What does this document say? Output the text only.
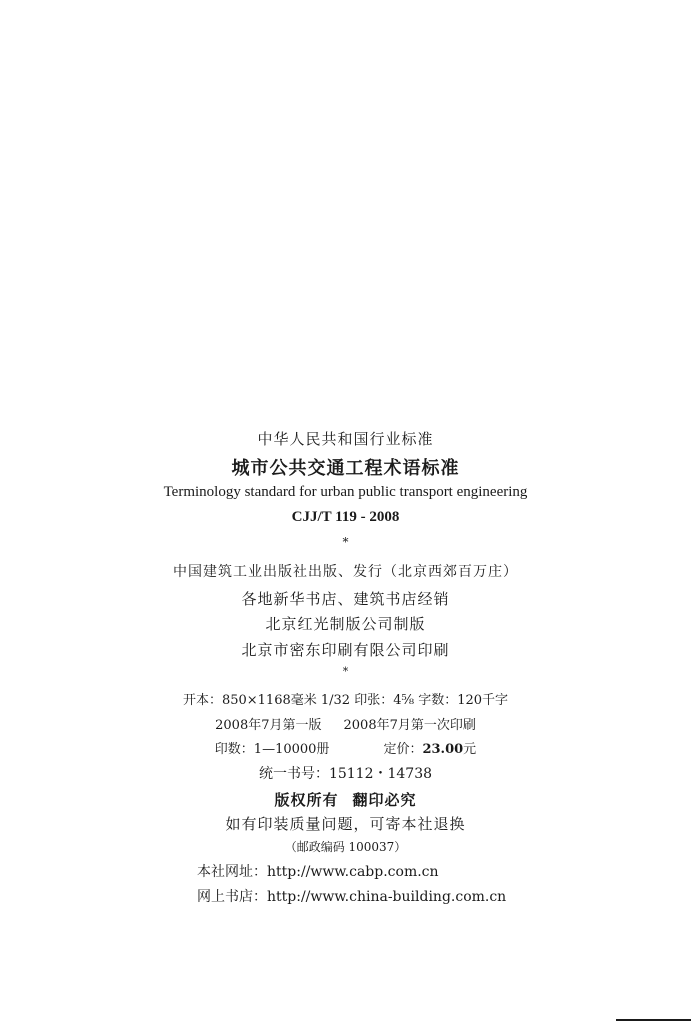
中华人民共和国行业标准
城市公共交通工程术语标准
Terminology standard for urban public transport engineering
CJJ/T 119 - 2008
*
中国建筑工业出版社出版、发行（北京西郊百万庄）
各地新华书店、建筑书店经销
北京红光制版公司制版
北京市密东印刷有限公司印刷
*
开本：850×1168毫米 1/32 印张：4⅝ 字数：120千字
2008年7月第一版 2008年7月第一次印刷
印数：1—10000册	定价：23.00元
统一书号：15112・14738
版权所有 翻印必究
如有印装质量问题，可寄本社退换
（邮政编码 100037）
本社网址：http://www.cabp.com.cn
网上书店：http://www.china-building.com.cn
